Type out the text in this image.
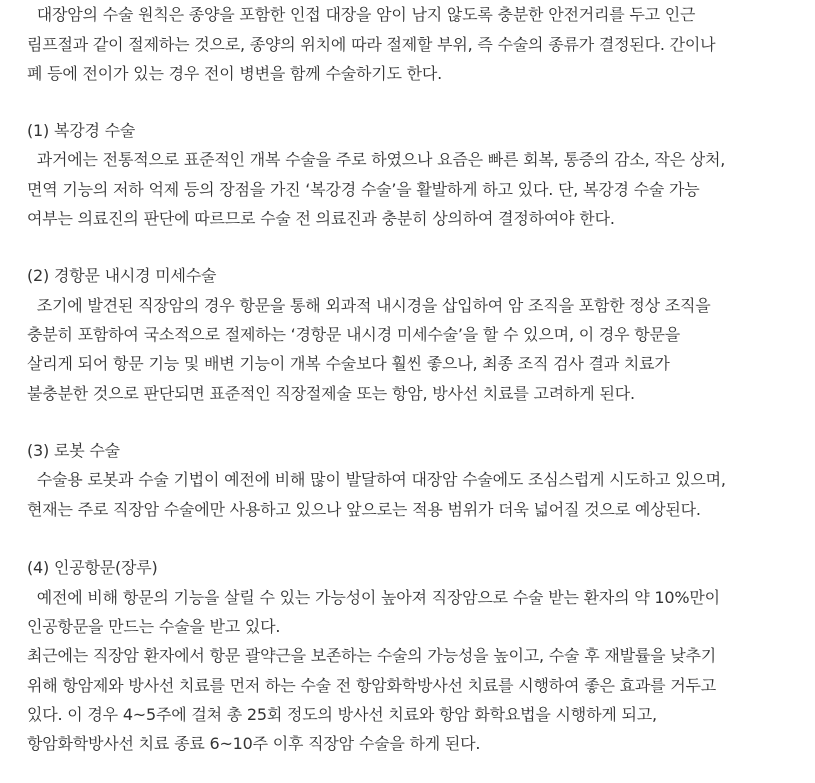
대장암의 수술 원칙은 종양을 포함한 인접 대장을 암이 남지 않도록 충분한 안전거리를 두고 인근

림프절과 같이 절제하는 것으로, 종양의 위치에 따라 절제할 부위, 즉 수술의 종류가 결정된다. 간이나

폐 등에 전이가 있는 경우 전이 병변을 함께 수술하기도 한다.

(1) 복강경 수술

과거에는 전통적으로 표준적인 개복 수술을 주로 하였으나 요즘은 빠른 회복, 통증의 감소, 작은 상처,

면역 기능의 저하 억제 등의 장점을 가진 ‘복강경 수술’을 활발하게 하고 있다. 단, 복강경 수술 가능

여부는 의료진의 판단에 따르므로 수술 전 의료진과 충분히 상의하여 결정하여야 한다.

(2) 경항문 내시경 미세수술

조기에 발견된 직장암의 경우 항문을 통해 외과적 내시경을 삽입하여 암 조직을 포함한 정상 조직을

충분히 포함하여 국소적으로 절제하는 ‘경항문 내시경 미세수술’을 할 수 있으며, 이 경우 항문을

살리게 되어 항문 기능 및 배변 기능이 개복 수술보다 훨씬 좋으나, 최종 조직 검사 결과 치료가

불충분한 것으로 판단되면 표준적인 직장절제술 또는 항암, 방사선 치료를 고려하게 된다.

(3) 로봇 수술

수술용 로봇과 수술 기법이 예전에 비해 많이 발달하여 대장암 수술에도 조심스럽게 시도하고 있으며,

현재는 주로 직장암 수술에만 사용하고 있으나 앞으로는 적용 범위가 더욱 넓어질 것으로 예상된다.

(4) 인공항문(장루)

예전에 비해 항문의 기능을 살릴 수 있는 가능성이 높아져 직장암으로 수술 받는 환자의 약 10%만이

인공항문을 만드는 수술을 받고 있다.

최근에는 직장암 환자에서 항문 괄약근을 보존하는 수술의 가능성을 높이고, 수술 후 재발률을 낮추기

위해 항암제와 방사선 치료를 먼저 하는 수술 전 항암화학방사선 치료를 시행하여 좋은 효과를 거두고

있다. 이 경우 4~5주에 걸쳐 총 25회 정도의 방사선 치료와 항암 화학요법을 시행하게 되고,

항암화학방사선 치료 종료 6~10주 이후 직장암 수술을 하게 된다.
